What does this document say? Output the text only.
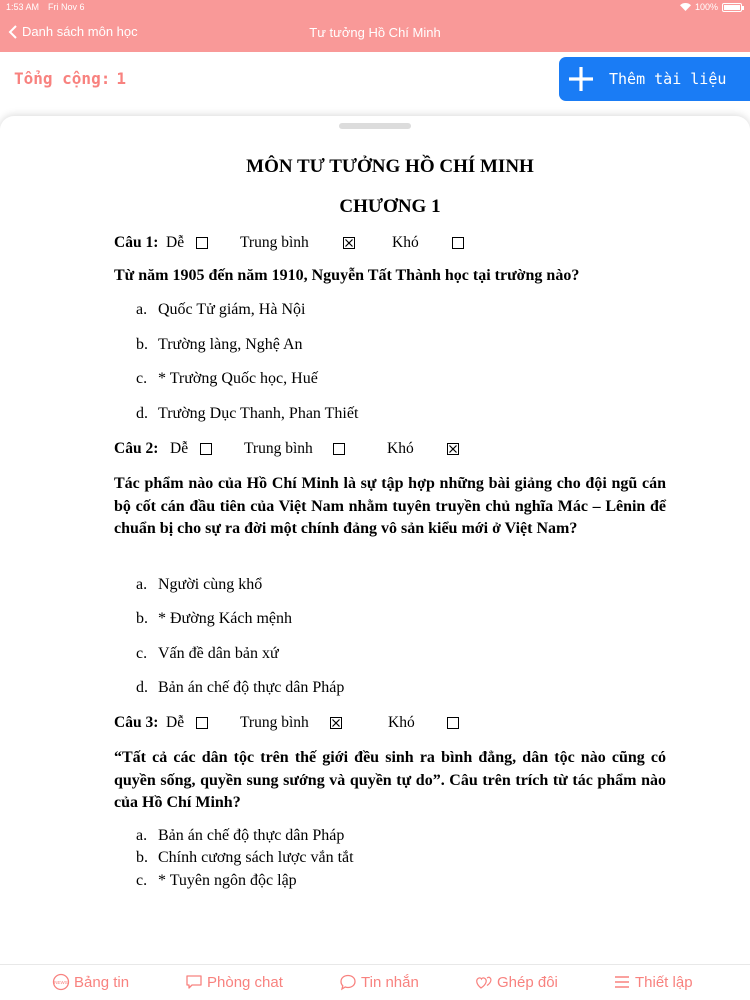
1:53 AM Fri Nov 6	100%
Danh sách môn học	Tư tưởng Hồ Chí Minh
Tổng cộng: 1	Thêm tài liệu
MÔN TƯ TƯỞNG HỒ CHÍ MINH
CHƯƠNG 1
Câu 1: Dễ	Trung bình	Khó
Từ năm 1905 đến năm 1910, Nguyễn Tất Thành học tại trường nào?
a. Quốc Tử giám, Hà Nội
b. Trường làng, Nghệ An
c. * Trường Quốc học, Huế
d. Trường Dục Thanh, Phan Thiết
Câu 2: Dễ	Trung bình	Khó
Tác phẩm nào của Hồ Chí Minh là sự tập hợp những bài giảng cho đội ngũ cán bộ cốt cán đầu tiên của Việt Nam nhằm tuyên truyền chủ nghĩa Mác – Lênin để chuẩn bị cho sự ra đời một chính đảng vô sản kiểu mới ở Việt Nam?
a. Người cùng khổ
b. * Đường Kách mệnh
c. Vấn đề dân bản xứ
d. Bản án chế độ thực dân Pháp
Câu 3: Dễ	Trung bình	Khó
“Tất cả các dân tộc trên thế giới đều sinh ra bình đẳng, dân tộc nào cũng có quyền sống, quyền sung sướng và quyền tự do”. Câu trên trích từ tác phẩm nào của Hồ Chí Minh?
a. Bản án chế độ thực dân Pháp
b. Chính cương sách lược vắn tắt
c. * Tuyên ngôn độc lập
NEWS Bảng tin	Phòng chat	Tin nhắn	Ghép đôi	Thiết lập
